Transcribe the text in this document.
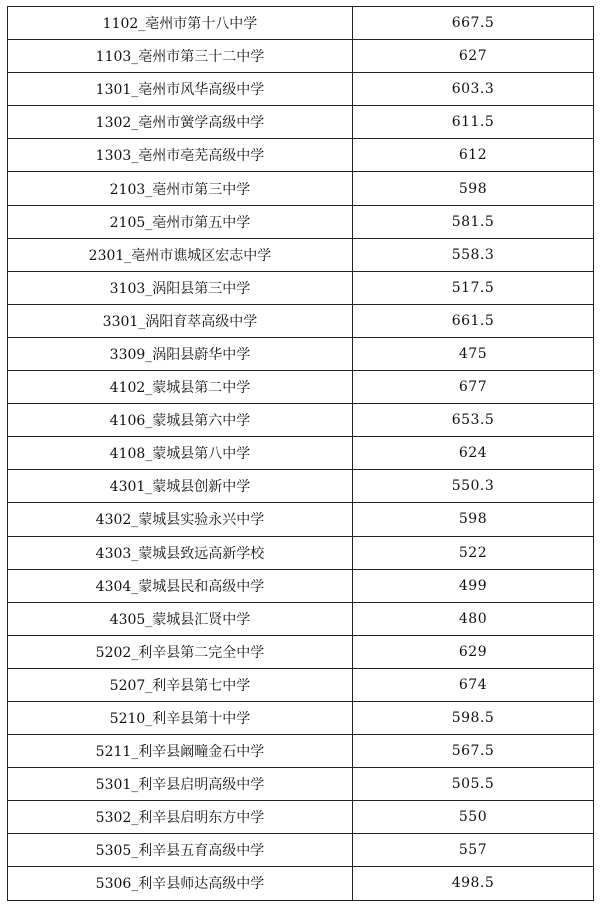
1102_亳州市第十八中学	667.5
1103_亳州市第三十二中学	627
1301_亳州市风华高级中学	603.3
1302_亳州市黉学高级中学	611.5
1303_亳州市亳芜高级中学	612
2103_亳州市第三中学	598
2105_亳州市第五中学	581.5
2301_亳州市谯城区宏志中学	558.3
3103_涡阳县第三中学	517.5
3301_涡阳育萃高级中学	661.5
3309_涡阳县蔚华中学	475
4102_蒙城县第二中学	677
4106_蒙城县第六中学	653.5
4108_蒙城县第八中学	624
4301_蒙城县创新中学	550.3
4302_蒙城县实验永兴中学	598
4303_蒙城县致远高新学校	522
4304_蒙城县民和高级中学	499
4305_蒙城县汇贤中学	480
5202_利辛县第二完全中学	629
5207_利辛县第七中学	674
5210_利辛县第十中学	598.5
5211_利辛县阚疃金石中学	567.5
5301_利辛县启明高级中学	505.5
5302_利辛县启明东方中学	550
5305_利辛县五育高级中学	557
5306_利辛县师达高级中学	498.5
